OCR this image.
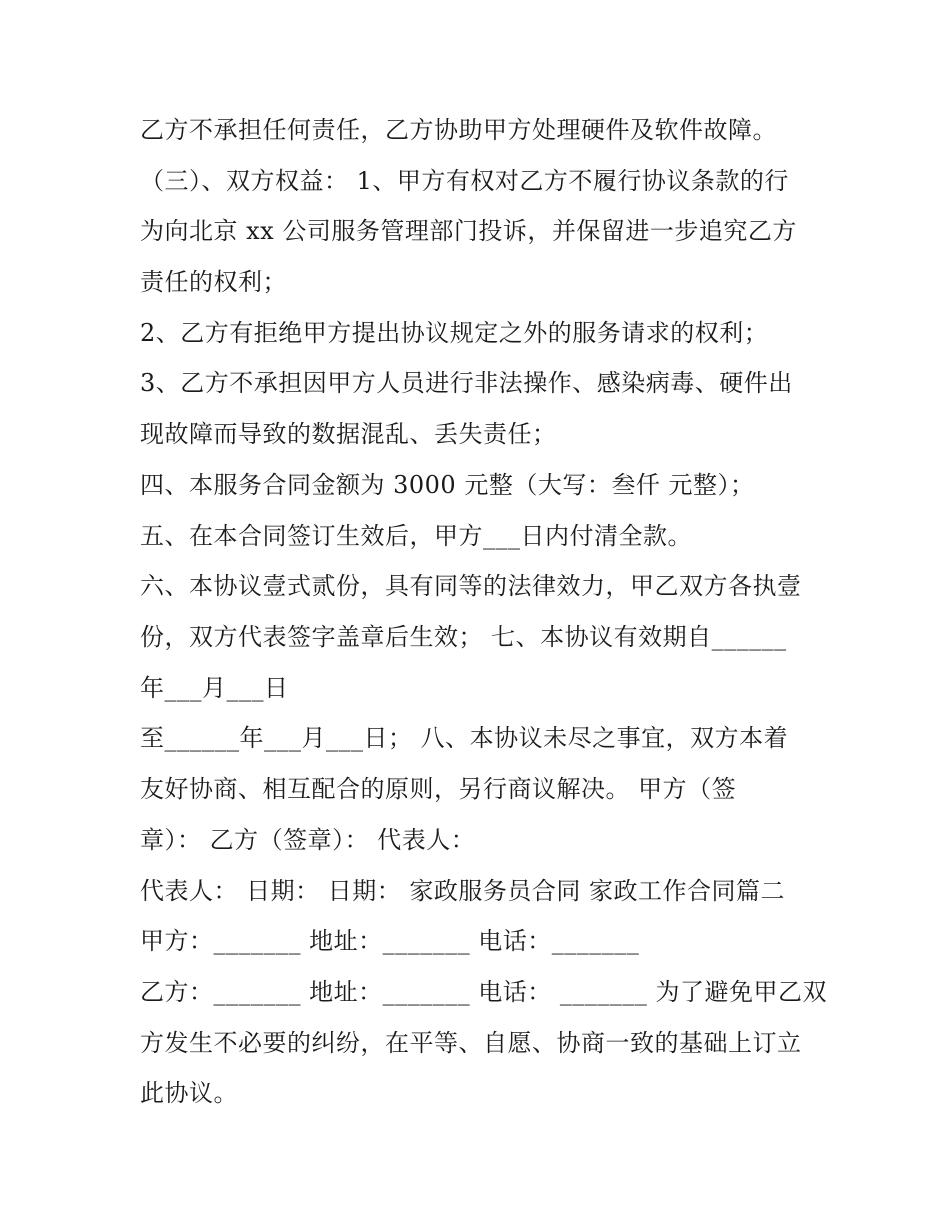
乙方不承担任何责任，乙方协助甲方处理硬件及软件故障。
（三）、双方权益： 1、甲方有权对乙方不履行协议条款的行
为向北京 xx 公司服务管理部门投诉，并保留进一步追究乙方
责任的权利；
2、乙方有拒绝甲方提出协议规定之外的服务请求的权利；
3、乙方不承担因甲方人员进行非法操作、感染病毒、硬件出
现故障而导致的数据混乱、丢失责任；
四、本服务合同金额为 3000 元整（大写：叁仟 元整）；
五、在本合同签订生效后，甲方___日内付清全款。
六、本协议壹式贰份，具有同等的法律效力，甲乙双方各执壹
份，双方代表签字盖章后生效； 七、本协议有效期自______
年___月___日
至______年___月___日； 八、本协议未尽之事宜，双方本着
友好协商、相互配合的原则，另行商议解决。 甲方（签
章）： 乙方（签章）： 代表人：
代表人： 日期： 日期： 家政服务员合同 家政工作合同篇二
甲方：_______ 地址：_______ 电话：_______
乙方：_______ 地址：_______ 电话： _______ 为了避免甲乙双
方发生不必要的纠纷，在平等、自愿、协商一致的基础上订立
此协议。
